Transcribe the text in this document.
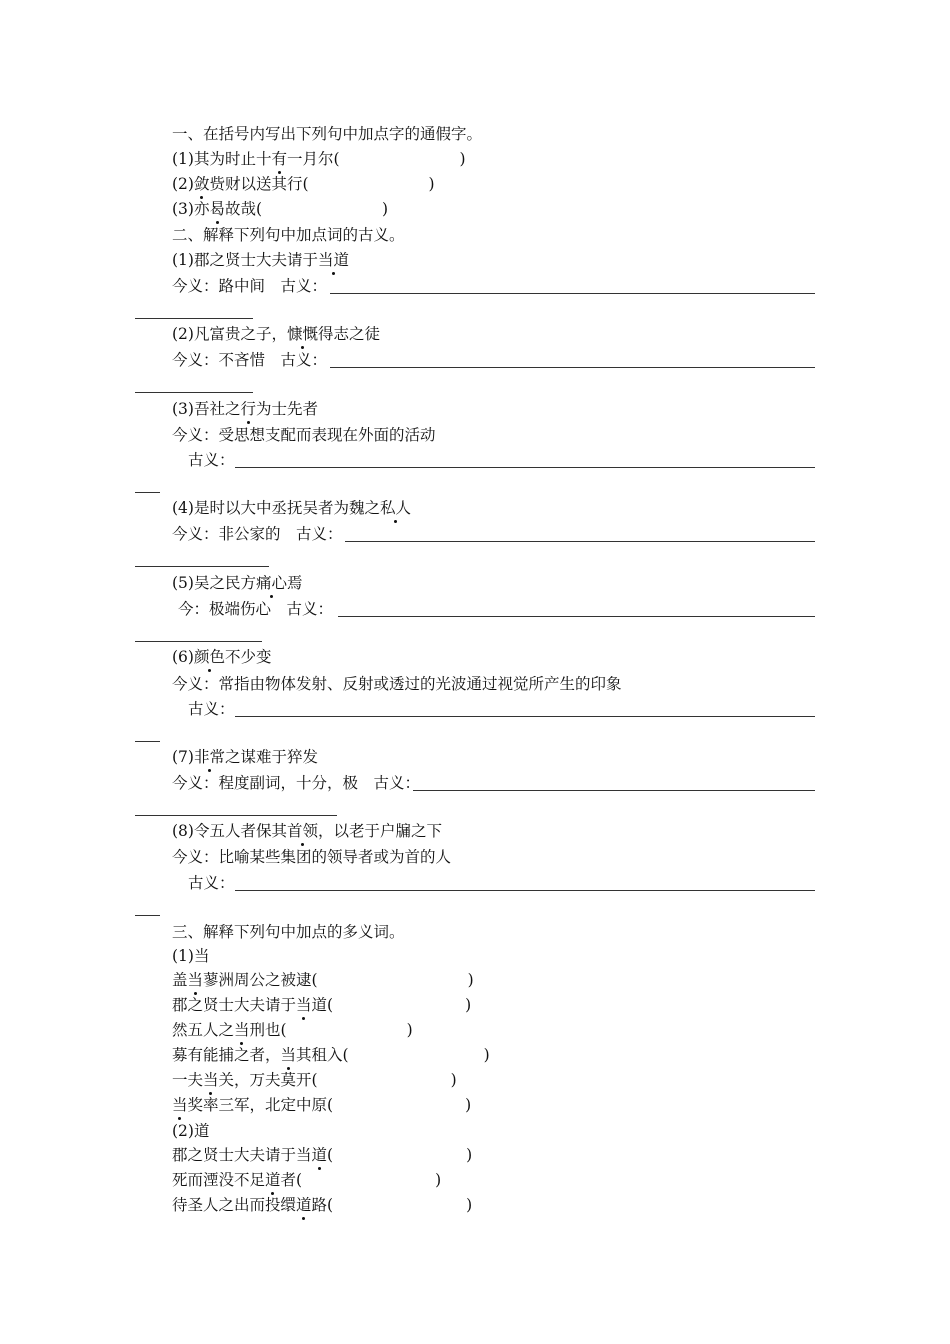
一、在括号内写出下列句中加点字的通假字。
(1)其为时止十有一月尔(	)
(2)敛赀财以送其行(	)
(3)亦曷故哉(	)
二、解释下列句中加点词的古义。
(1)郡之贤士大夫请于当道
今义：路中间　古义：
(2)凡富贵之子，慷慨得志之徒
今义：不吝惜　古义：
(3)吾社之行为士先者
今义：受思想支配而表现在外面的活动
古义：
(4)是时以大中丞抚吴者为魏之私人
今义：非公家的　古义：
(5)吴之民方痛心焉
今：极端伤心　古义：
(6)颜色不少变
今义：常指由物体发射、反射或透过的光波通过视觉所产生的印象
古义：
(7)非常之谋难于猝发
今义：程度副词，十分，极　古义：
(8)令五人者保其首领，以老于户牖之下
今义：比喻某些集团的领导者或为首的人
古义：
三、解释下列句中加点的多义词。
(1)当
盖当蓼洲周公之被逮(	)
郡之贤士大夫请于当道(	)
然五人之当刑也(	)
募有能捕之者，当其租入(	)
一夫当关，万夫莫开(	)
当奖率三军，北定中原(	)
(2)道
郡之贤士大夫请于当道(	)
死而湮没不足道者(	)
待圣人之出而投缳道路(	)
